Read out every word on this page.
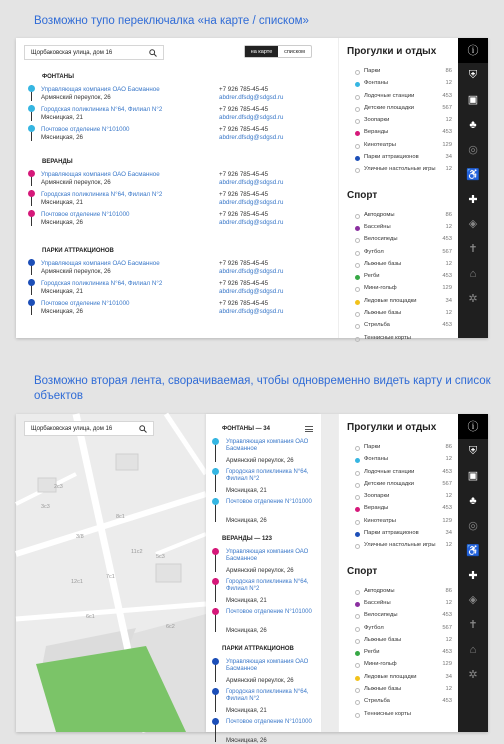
Возможно тупо переключалка «на карте / списком»
Щорбаковская улица, дом 16	на карте	списком
ФОНТАНЫ
Управляющая компания ОАО Басманное
Армянский переулок, 26
+7 926 785-45-45
abdrer.dfsdg@sdgsd.ru
Городская поликлиника N°64, Филиал N°2
Мясницкая, 21
+7 926 785-45-45
abdrer.dfsdg@sdgsd.ru
Почтовое отделение N°101000
Мясницкая, 26
+7 926 785-45-45
abdrer.dfsdg@sdgsd.ru
ВЕРАНДЫ
Управляющая компания ОАО Басманное
Армянский переулок, 26
+7 926 785-45-45
abdrer.dfsdg@sdgsd.ru
Городская поликлиника N°64, Филиал N°2
Мясницкая, 21
+7 926 785-45-45
abdrer.dfsdg@sdgsd.ru
Почтовое отделение N°101000
Мясницкая, 26
+7 926 785-45-45
abdrer.dfsdg@sdgsd.ru
ПАРКИ АТТРАКЦИОНОВ
Управляющая компания ОАО Басманное
Армянский переулок, 26
+7 926 785-45-45
abdrer.dfsdg@sdgsd.ru
Городская поликлиника N°64, Филиал N°2
Мясницкая, 21
+7 926 785-45-45
abdrer.dfsdg@sdgsd.ru
Почтовое отделение N°101000
Мясницкая, 26
+7 926 785-45-45
abdrer.dfsdg@sdgsd.ru
Прогулки и отдых
Парки	86
Фонтаны	12
Лодочные станции	453
Детские площадки	567
Зоопарки	12
Веранды	453
Кинотеатры	129
Парки аттракционов	34
Уличные настольные игры 12
Спорт
Автодромы	86
Бассейны	12
Велосипеды	453
Футбол	567
Лыжные базы	12
Регби	453
Мини-гольф	129
Ледовые площадки	34
Лыжные базы	12
Стрельба	453
Теннисные корты
ⓘ
⛨
▣
♣
◎
♿
✚
◈
✝
⌂
✲
Возможно вторая лента, сворачиваемая, чтобы одновременно видеть карту и список объектов
2с3
3с3
3/8
8с1
5с3
6с2
11с2
7с1
12с1
6с1
Щорбаковская улица, дом 16	ФОНТАНЫ — 34
Управляющая компания ОАО Басманное
Армянский переулок, 26
Городская поликлиника N°64, Филиал N°2
Мясницкая, 21
Почтовое отделение N°101000
Мясницкая, 26
ВЕРАНДЫ — 123
Управляющая компания ОАО Басманное
Армянский переулок, 26
Городская поликлиника N°64, Филиал N°2
Мясницкая, 21
Почтовое отделение N°101000
Мясницкая, 26
ПАРКИ АТТРАКЦИОНОВ
Управляющая компания ОАО Басманное
Армянский переулок, 26
Городская поликлиника N°64, Филиал N°2
Мясницкая, 21
Почтовое отделение N°101000
Мясницкая, 26
Прогулки и отдых
Парки	86
Фонтаны	12
Лодочные станции	453
Детские площадки	567
Зоопарки	12
Веранды	453
Кинотеатры	129
Парки аттракционов	34
Уличные настольные игры 12
Спорт
Автодромы	86
Бассейны	12
Велосипеды	453
Футбол	567
Лыжные базы	12
Регби	453
Мини-гольф	129
Ледовые площадки	34
Лыжные базы	12
Стрельба	453
Теннисные корты
ⓘ
⛨
▣
♣
◎
♿
✚
◈
✝
⌂
✲
